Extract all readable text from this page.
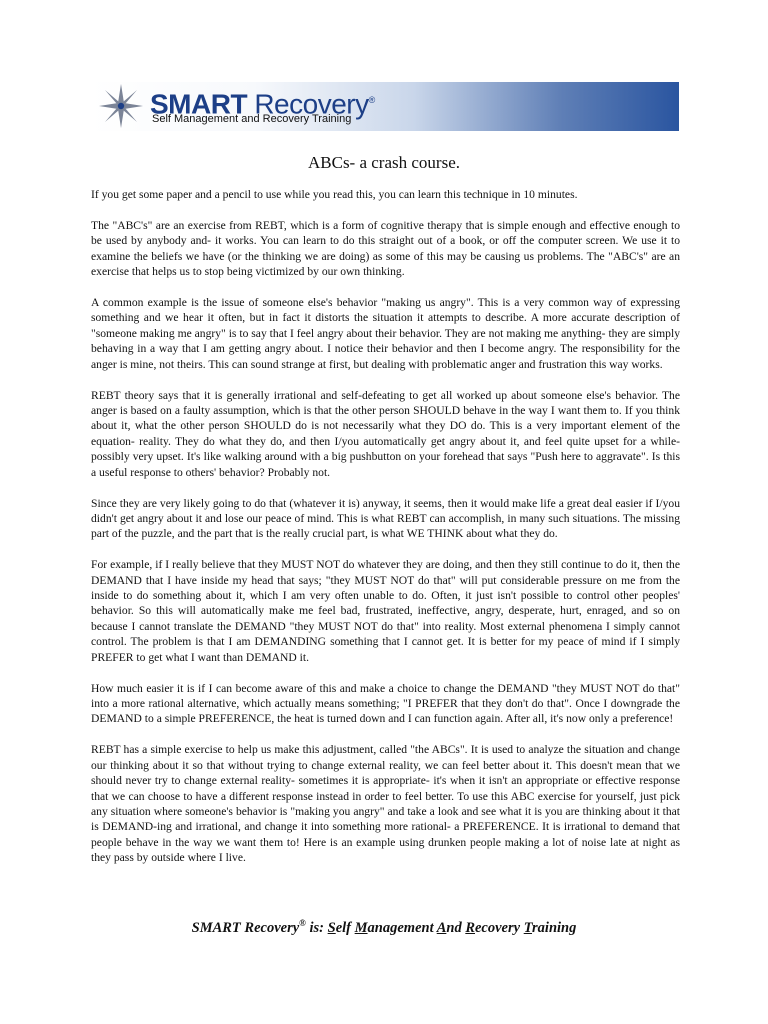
SMART Recovery®
Self Management and Recovery Training
ABCs- a crash course.

If you get some paper and a pencil to use while you read this, you can learn this technique in 10 minutes.

The "ABC's" are an exercise from REBT, which is a form of cognitive therapy that is simple enough and effective enough to be used by anybody and- it works. You can learn to do this straight out of a book, or off the computer screen. We use it to examine the beliefs we have (or the thinking we are doing) as some of this may be causing us problems. The "ABC's" are an exercise that helps us to stop being victimized by our own thinking.

A common example is the issue of someone else's behavior "making us angry". This is a very common way of expressing something and we hear it often, but in fact it distorts the situation it attempts to describe. A more accurate description of "someone making me angry" is to say that I feel angry about their behavior. They are not making me anything- they are simply behaving in a way that I am getting angry about. I notice their behavior and then I become angry. The responsibility for the anger is mine, not theirs. This can sound strange at first, but dealing with problematic anger and frustration this way works.

REBT theory says that it is generally irrational and self-defeating to get all worked up about someone else's behavior. The anger is based on a faulty assumption, which is that the other person SHOULD behave in the way I want them to. If you think about it, what the other person SHOULD do is not necessarily what they DO do. This is a very important element of the equation- reality. They do what they do, and then I/you automatically get angry about it, and feel quite upset for a while- possibly very upset. It's like walking around with a big pushbutton on your forehead that says "Push here to aggravate". Is this a useful response to others' behavior? Probably not.

Since they are very likely going to do that (whatever it is) anyway, it seems, then it would make life a great deal easier if I/you didn't get angry about it and lose our peace of mind. This is what REBT can accomplish, in many such situations. The missing part of the puzzle, and the part that is the really crucial part, is what WE THINK about what they do.

For example, if I really believe that they MUST NOT do whatever they are doing, and then they still continue to do it, then the DEMAND that I have inside my head that says; "they MUST NOT do that" will put considerable pressure on me from the inside to do something about it, which I am very often unable to do. Often, it just isn't possible to control other peoples' behavior. So this will automatically make me feel bad, frustrated, ineffective, angry, desperate, hurt, enraged, and so on because I cannot translate the DEMAND "they MUST NOT do that" into reality. Most external phenomena I simply cannot control. The problem is that I am DEMANDING something that I cannot get. It is better for my peace of mind if I simply PREFER to get what I want than DEMAND it.

How much easier it is if I can become aware of this and make a choice to change the DEMAND "they MUST NOT do that" into a more rational alternative, which actually means something; "I PREFER that they don't do that". Once I downgrade the DEMAND to a simple PREFERENCE, the heat is turned down and I can function again. After all, it's now only a preference!

REBT has a simple exercise to help us make this adjustment, called "the ABCs". It is used to analyze the situation and change our thinking about it so that without trying to change external reality, we can feel better about it. This doesn't mean that we should never try to change external reality- sometimes it is appropriate- it's when it isn't an appropriate or effective response that we can choose to have a different response instead in order to feel better. To use this ABC exercise for yourself, just pick any situation where someone's behavior is "making you angry" and take a look and see what it is you are thinking about it that is DEMAND-ing and irrational, and change it into something more rational- a PREFERENCE. It is irrational to demand that people behave in the way we want them to! Here is an example using drunken people making a lot of noise late at night as they pass by outside where I live.

SMART Recovery® is: Self Management And Recovery Training
